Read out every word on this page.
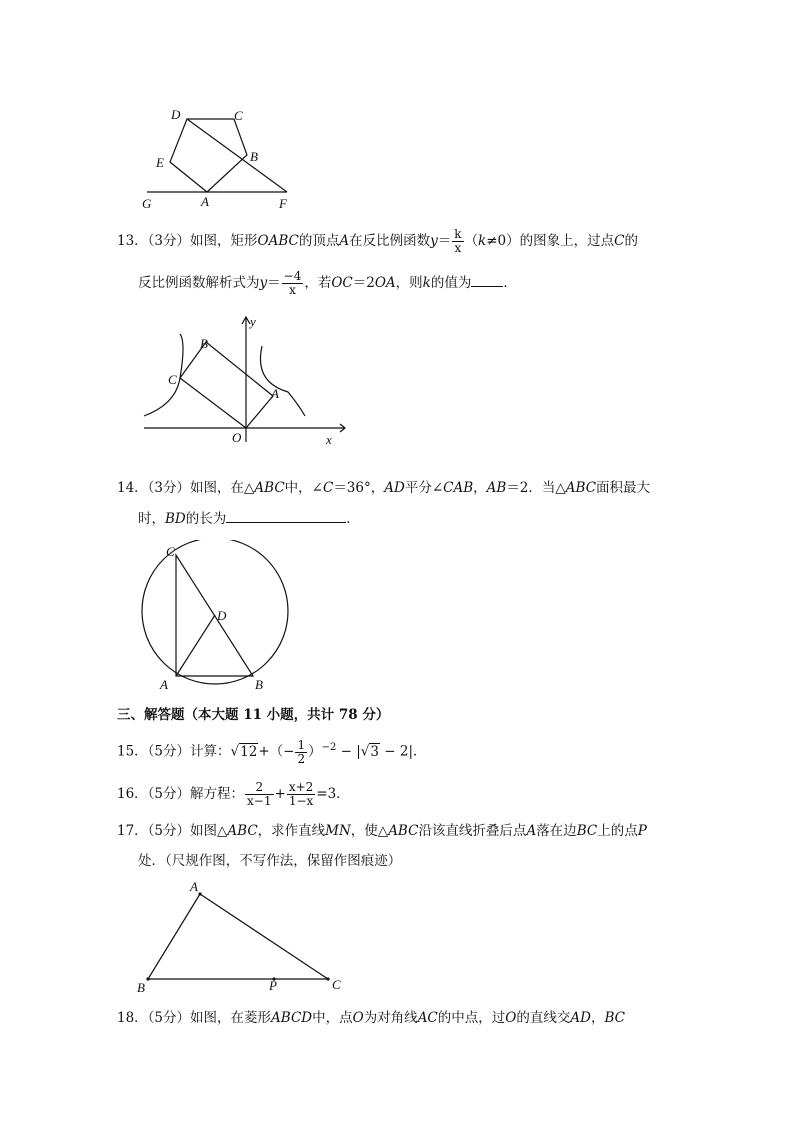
D	C
E	B
G	A	F
13．（3分）如图，矩形OABC的顶点A在反比例函数$y= \frac{k}{x} (k\ne 0)$的图象上，过点C的
反比例函数解析式为$y= \frac{-4}{x}$ ，若OC＝2OA，则k的值为 ．
y
B
C
A
O	x
14．（3分）如图，在△ABC中，∠C＝36°，AD平分∠CAB，AB＝2．当△ABC面积最大
时，BD的长为	．
C
D
A	B
三、解答题（本大题 11 小题，共计 78 分）
15．（5分）计算：$√12+(- \frac{1}{2} )^{-2} - |√3 - 2|$．
16．（5分）解方程： $\frac{2}{x-1} + \frac{x+2}{1-x} =3$．
17．（5分）如图△ABC，求作直线MN，使△ABC沿该直线折叠后点A落在边BC上的点P
处．（尺规作图，不写作法，保留作图痕迹）
A
B	P	C
18．（5分）如图，在菱形ABCD中，点O为对角线AC的中点，过O的直线交AD，BC
